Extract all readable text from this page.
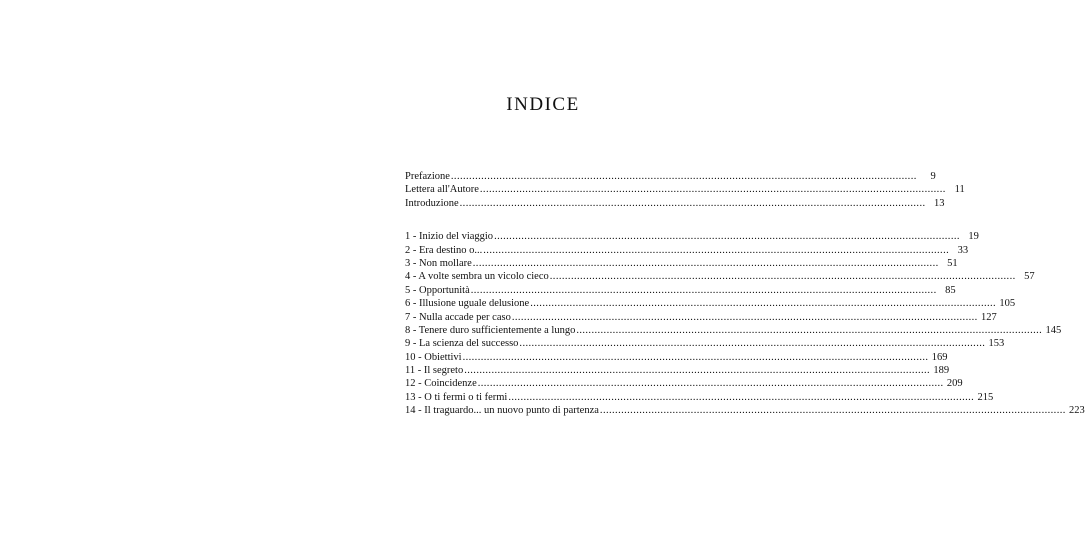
INDICE
Prefazione ..........................................................................................................................................................	9
Lettera all'Autore .......................................................................................................................................................... 11
Introduzione .......................................................................................................................................................... 13
1 - Inizio del viaggio .......................................................................................................................................................... 19
2 - Era destino o... .......................................................................................................................................................... 33
3 - Non mollare .......................................................................................................................................................... 51
4 - A volte sembra un vicolo cieco .......................................................................................................................................................... 57
5 - Opportunità .......................................................................................................................................................... 85
6 - Illusione uguale delusione .......................................................................................................................................................... 105
7 - Nulla accade per caso .......................................................................................................................................................... 127
8 - Tenere duro sufficientemente a lungo .......................................................................................................................................................... 145
9 - La scienza del successo .......................................................................................................................................................... 153
10 - Obiettivi .......................................................................................................................................................... 169
11 - Il segreto .......................................................................................................................................................... 189
12 - Coincidenze .......................................................................................................................................................... 209
13 - O ti fermi o ti fermi .......................................................................................................................................................... 215
14 - Il traguardo... un nuovo punto di partenza .......................................................................................................................................................... 223
